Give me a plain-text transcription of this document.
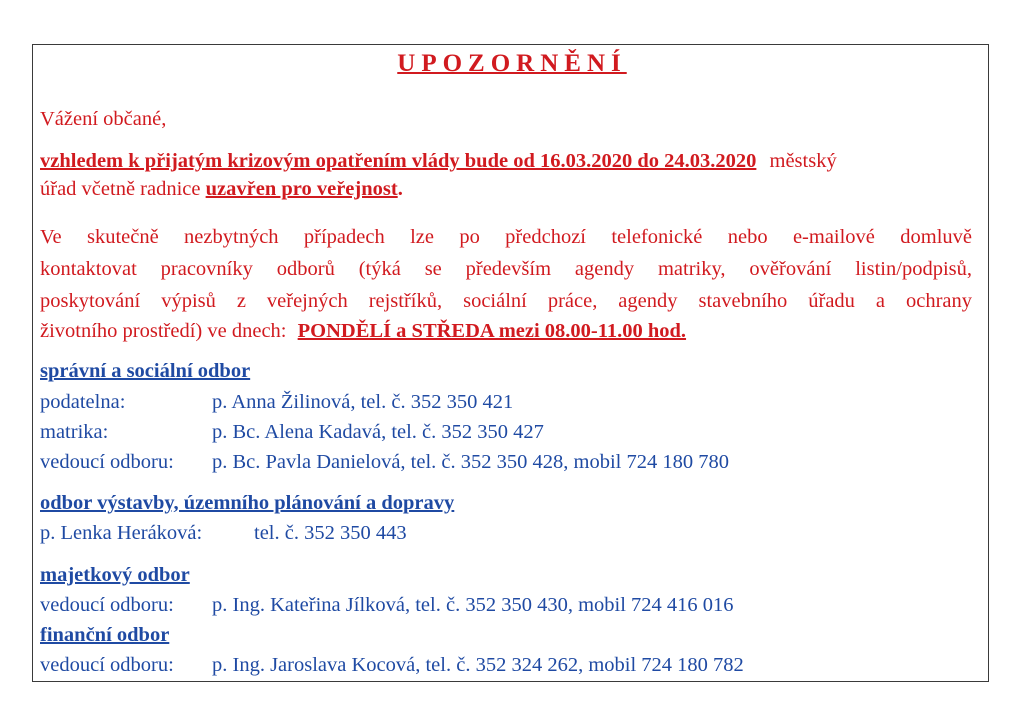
UPOZORNĚNÍ
Vážení občané,
vzhledem k přijatým krizovým opatřením vlády bude od 16.03.2020 do 24.03.2020 městský
úřad včetně radnice uzavřen pro veřejnost.
Ve skutečně nezbytných případech lze po předchozí telefonické nebo e-mailové domluvě
kontaktovat pracovníky odborů (týká se především agendy matriky, ověřování listin/podpisů,
poskytování výpisů z veřejných rejstříků, sociální práce, agendy stavebního úřadu a ochrany
životního prostředí) ve dnech: PONDĚLÍ a STŘEDA mezi 08.00-11.00 hod.
správní a sociální odbor
podatelna:	p. Anna Žilinová, tel. č. 352 350 421
matrika:	p. Bc. Alena Kadavá, tel. č. 352 350 427
vedoucí odboru: p. Bc. Pavla Danielová, tel. č. 352 350 428, mobil 724 180 780
odbor výstavby, územního plánování a dopravy
p. Lenka Heráková:	tel. č. 352 350 443
majetkový odbor
vedoucí odboru: p. Ing. Kateřina Jílková, tel. č. 352 350 430, mobil 724 416 016
finanční odbor
vedoucí odboru: p. Ing. Jaroslava Kocová, tel. č. 352 324 262, mobil 724 180 782
